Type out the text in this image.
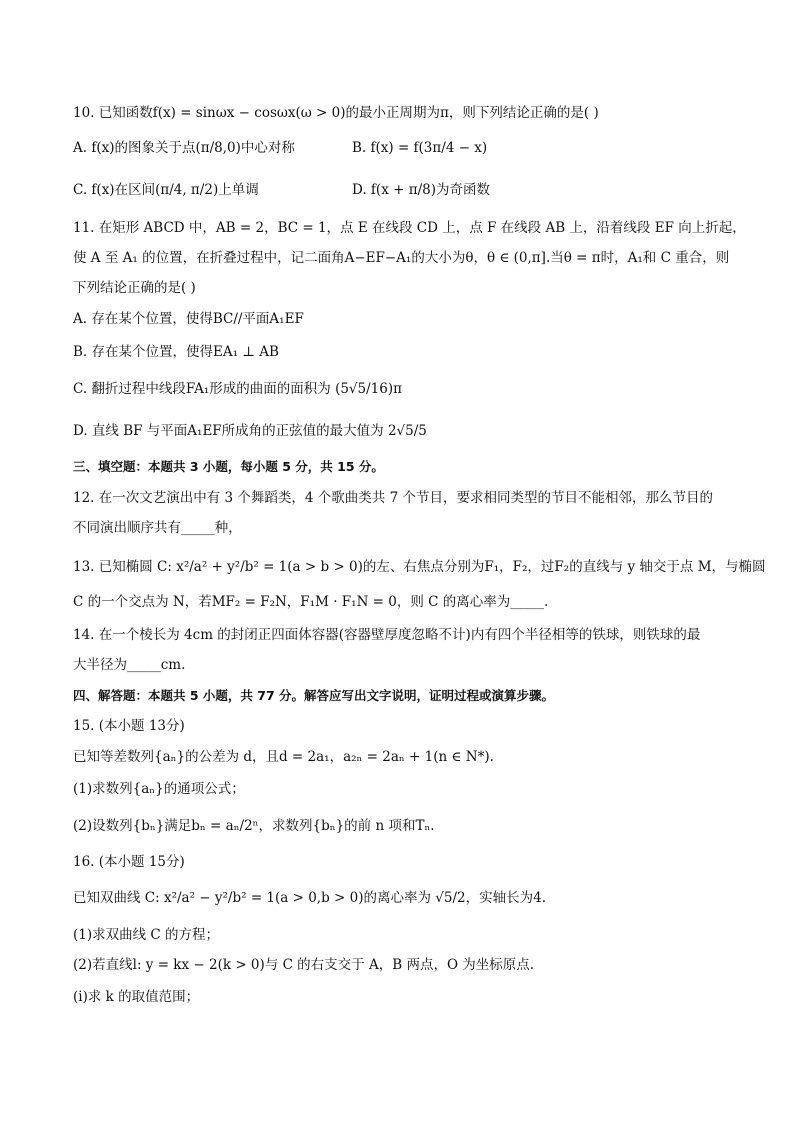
10. 已知函数f(x) = sinωx − cosωx(ω > 0)的最小正周期为π，则下列结论正确的是( )
A. f(x)的图象关于点(π/8,0)中心对称	B. f(x) = f(3π/4 − x)
C. f(x)在区间(π/4, π/2)上单调	D. f(x + π/8)为奇函数
11. 在矩形 ABCD 中，AB = 2，BC = 1，点 E 在线段 CD 上，点 F 在线段 AB 上，沿着线段 EF 向上折起，
使 A 至 A₁ 的位置，在折叠过程中，记二面角A−EF−A₁的大小为θ，θ ∈ (0,π].当θ = π时，A₁和 C 重合，则
下列结论正确的是( )
A. 存在某个位置，使得BC//平面A₁EF
B. 存在某个位置，使得EA₁ ⊥ AB
C. 翻折过程中线段FA₁形成的曲面的面积为 (5√5/16)π
D. 直线 BF 与平面A₁EF所成角的正弦值的最大值为 2√5/5
三、填空题：本题共 3 小题，每小题 5 分，共 15 分。
12. 在一次文艺演出中有 3 个舞蹈类，4 个歌曲类共 7 个节目，要求相同类型的节目不能相邻，那么节目的
不同演出顺序共有_____种，
13. 已知椭圆 C: x²/a² + y²/b² = 1(a > b > 0)的左、右焦点分别为F₁，F₂，过F₂的直线与 y 轴交于点 M，与椭圆
C 的一个交点为 N，若MF₂ = F₂N，F₁M · F₁N = 0，则 C 的离心率为_____.
14. 在一个棱长为 4cm 的封闭正四面体容器(容器壁厚度忽略不计)内有四个半径相等的铁球，则铁球的最
大半径为_____cm.
四、解答题：本题共 5 小题，共 77 分。解答应写出文字说明，证明过程或演算步骤。
15. (本小题 13分)
已知等差数列{aₙ}的公差为 d，且d = 2a₁，a₂ₙ = 2aₙ + 1(n ∈ N*).
(1)求数列{aₙ}的通项公式；
(2)设数列{bₙ}满足bₙ = aₙ/2ⁿ，求数列{bₙ}的前 n 项和Tₙ.
16. (本小题 15分)
已知双曲线 C: x²/a² − y²/b² = 1(a > 0,b > 0)的离心率为 √5/2，实轴长为4.
(1)求双曲线 C 的方程；
(2)若直线l: y = kx − 2(k > 0)与 C 的右支交于 A，B 两点，O 为坐标原点.
(i)求 k 的取值范围；
